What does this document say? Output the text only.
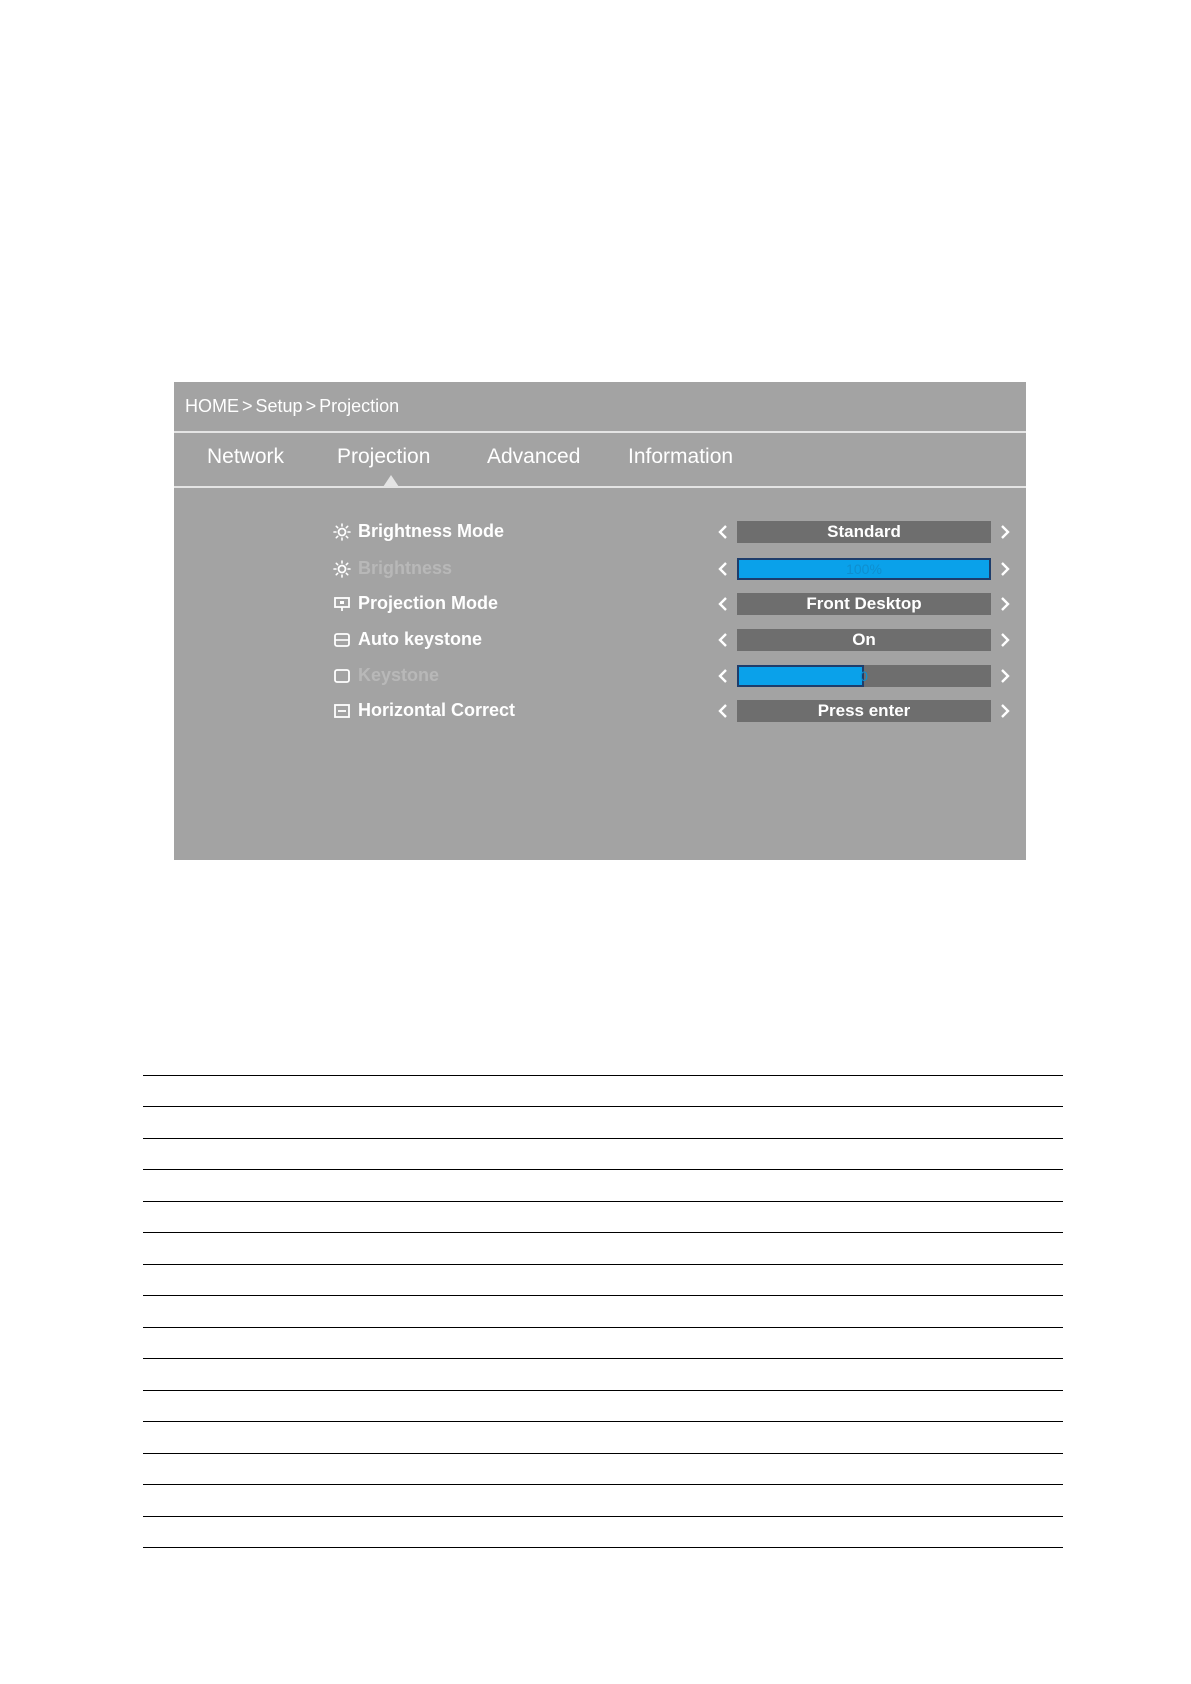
HOME > Setup > Projection
Network	Projection	Advanced Information
Brightness Mode	Standard
Brightness	100%
Projection Mode	Front Desktop
Auto keystone	On
Keystone	0
Horizontal Correct	Press enter
